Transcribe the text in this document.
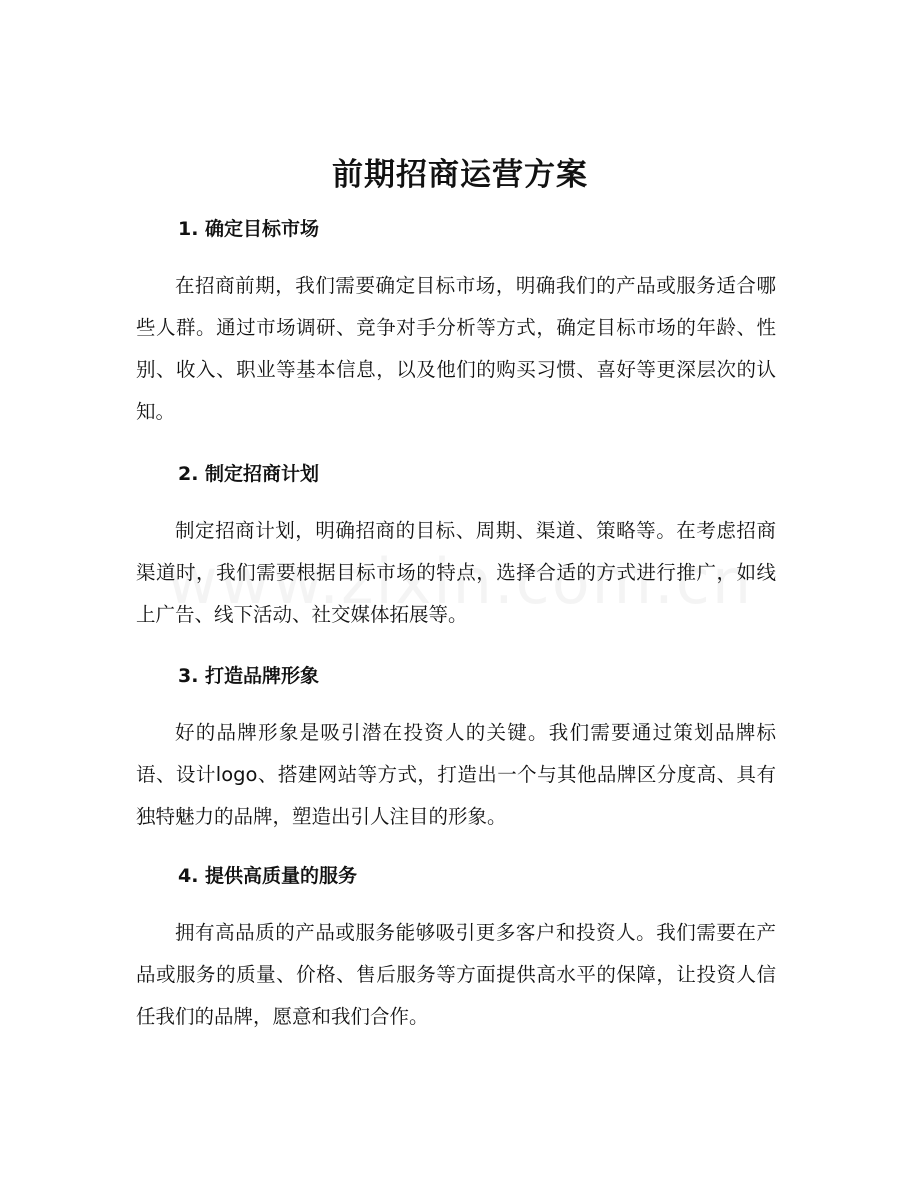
前期招商运营方案
1. 确定目标市场
在招商前期，我们需要确定目标市场，明确我们的产品或服务适合哪些人群。通过市场调研、竞争对手分析等方式，确定目标市场的年龄、性别、收入、职业等基本信息，以及他们的购买习惯、喜好等更深层次的认知。
2. 制定招商计划
制定招商计划，明确招商的目标、周期、渠道、策略等。在考虑招商渠道时，我们需要根据目标市场的特点，选择合适的方式进行推广，如线上广告、线下活动、社交媒体拓展等。
3. 打造品牌形象
好的品牌形象是吸引潜在投资人的关键。我们需要通过策划品牌标语、设计logo、搭建网站等方式，打造出一个与其他品牌区分度高、具有独特魅力的品牌，塑造出引人注目的形象。
4. 提供高质量的服务
拥有高品质的产品或服务能够吸引更多客户和投资人。我们需要在产品或服务的质量、价格、售后服务等方面提供高水平的保障，让投资人信任我们的品牌，愿意和我们合作。
